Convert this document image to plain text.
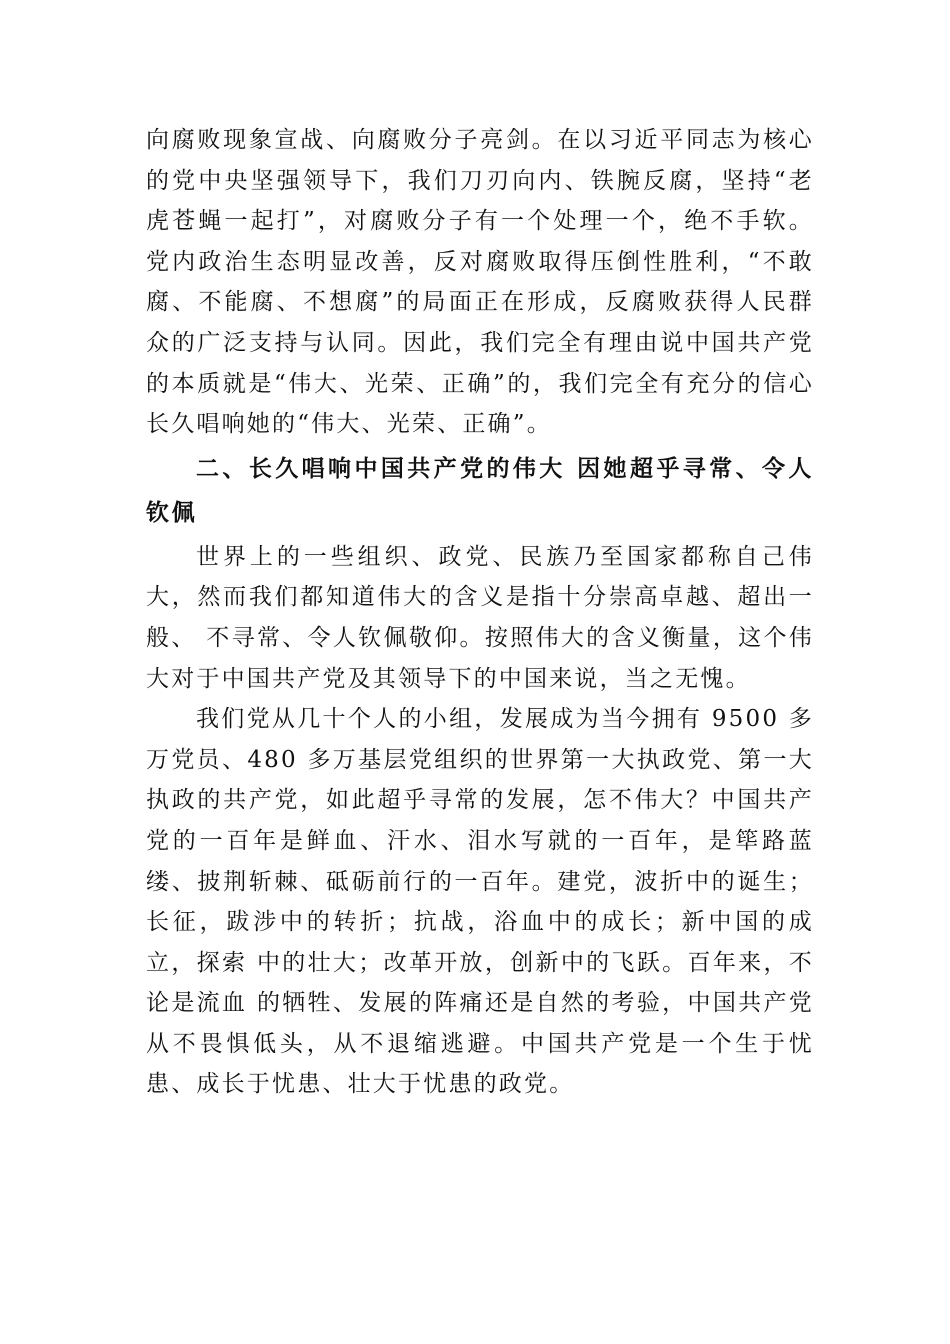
向腐败现象宣战、向腐败分子亮剑。在以习近平同志为核心的党中央坚强领导下，我们刀刃向内、铁腕反腐，坚持“老虎苍蝇一起打”，对腐败分子有一个处理一个，绝不手软。党内政治生态明显改善，反对腐败取得压倒性胜利，“不敢腐、不能腐、不想腐”的局面正在形成，反腐败获得人民群众的广泛支持与认同。因此，我们完全有理由说中国共产党的本质就是“伟大、光荣、正确”的，我们完全有充分的信心长久唱响她的“伟大、光荣、正确”。

二、长久唱响中国共产党的伟大 因她超乎寻常、令人钦佩

世界上的一些组织、政党、民族乃至国家都称自己伟大，然而我们都知道伟大的含义是指十分崇高卓越、超出一般、 不寻常、令人钦佩敬仰。按照伟大的含义衡量，这个伟大对于中国共产党及其领导下的中国来说，当之无愧。

我们党从几十个人的小组，发展成为当今拥有 9500 多万党员、480 多万基层党组织的世界第一大执政党、第一大执政的共产党，如此超乎寻常的发展，怎不伟大？中国共产党的一百年是鲜血、汗水、泪水写就的一百年，是筚路蓝缕、披荆斩棘、砥砺前行的一百年。建党，波折中的诞生；长征，跋涉中的转折；抗战，浴血中的成长；新中国的成立，探索 中的壮大；改革开放，创新中的飞跃。百年来，不论是流血 的牺牲、发展的阵痛还是自然的考验，中国共产党从不畏惧低头，从不退缩逃避。中国共产党是一个生于忧患、成长于忧患、壮大于忧患的政党。
